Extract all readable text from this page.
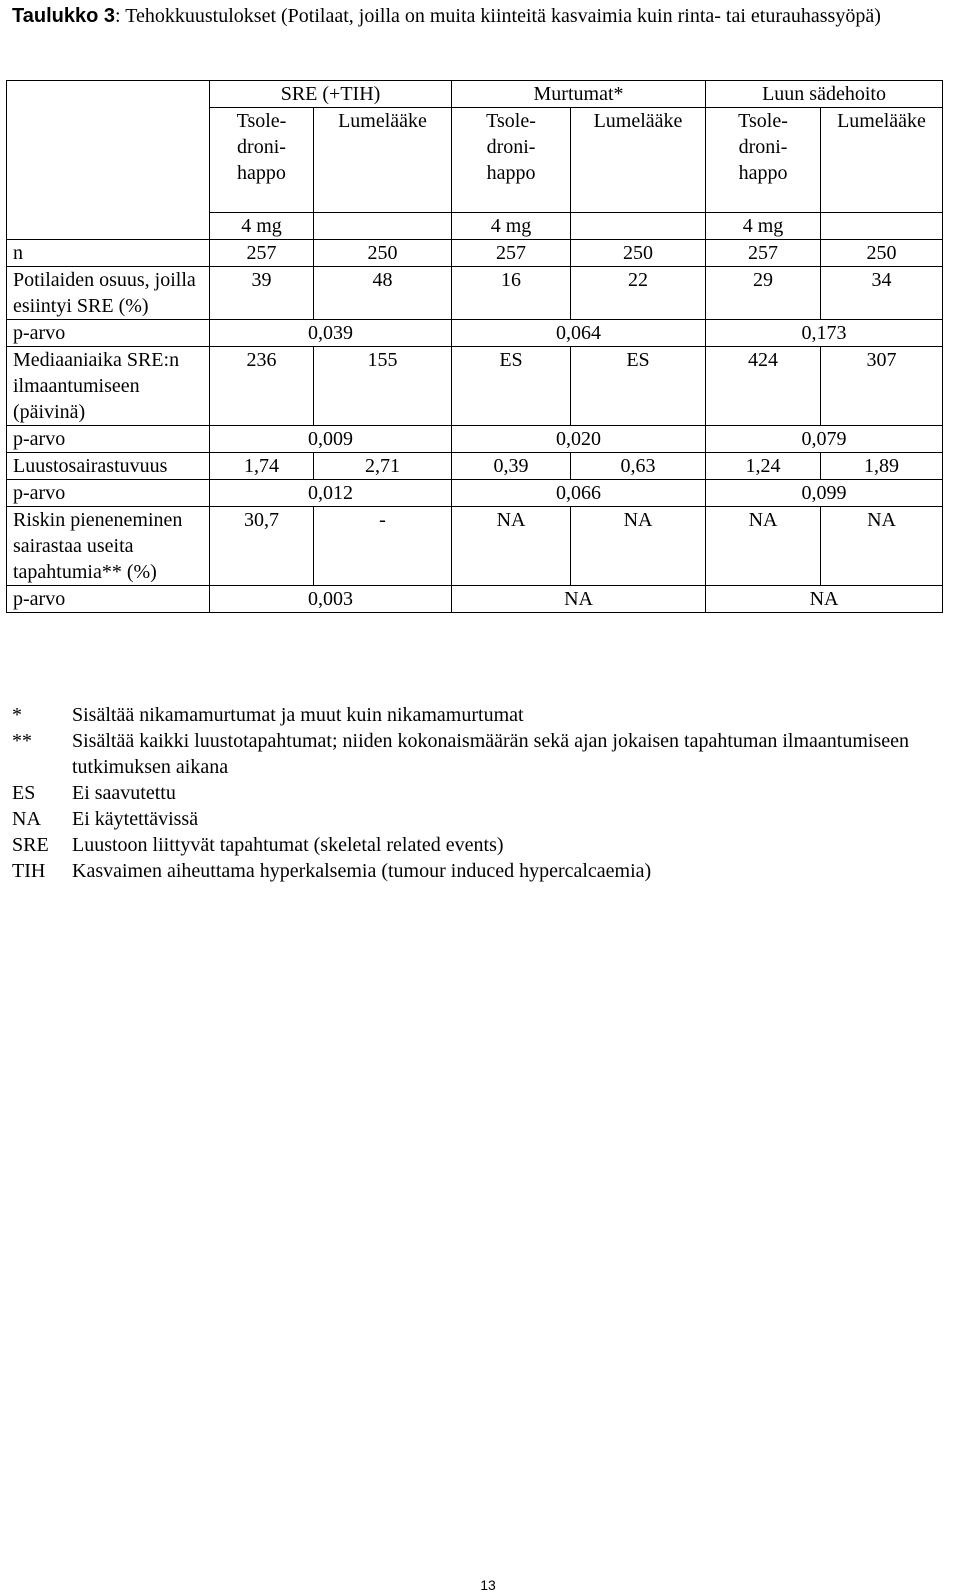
Taulukko 3: Tehokkuustulokset (Potilaat, joilla on muita kiinteitä kasvaimia kuin rinta- tai eturauhassyöpä)
	SRE (+TIH)		Murtumat*		Luun sädehoito	
	Tsole-
droni-
happo	Lumelääke	Tsole-
droni-
happo	Lumelääke	Tsole-
droni-
happo	Lumelääke
	4 mg		4 mg		4 mg	
n	257	250	257	250	257	250
Potilaiden osuus, joilla esiintyi SRE (%)	39	48	16	22	29	34
p-arvo	0,039		0,064		0,173	
Mediaaniaika SRE:n ilmaantumiseen (päivinä)	236	155	ES	ES	424	307
p-arvo	0,009		0,020		0,079	
Luustosairastuvuus	1,74	2,71	0,39	0,63	1,24	1,89
p-arvo	0,012		0,066		0,099	
Riskin pieneneminen sairastaa useita tapahtumia** (%)	30,7	-	NA	NA	NA	NA
p-arvo	0,003		NA		NA	
*	Sisältää nikamamurtumat ja muut kuin nikamamurtumat
**	Sisältää kaikki luustotapahtumat; niiden kokonaismäärän sekä ajan jokaisen tapahtuman ilmaantumiseen tutkimuksen aikana
ES	Ei saavutettu
NA	Ei käytettävissä
SRE	Luustoon liittyvät tapahtumat (skeletal related events)
TIH	Kasvaimen aiheuttama hyperkalsemia (tumour induced hypercalcaemia)
13
